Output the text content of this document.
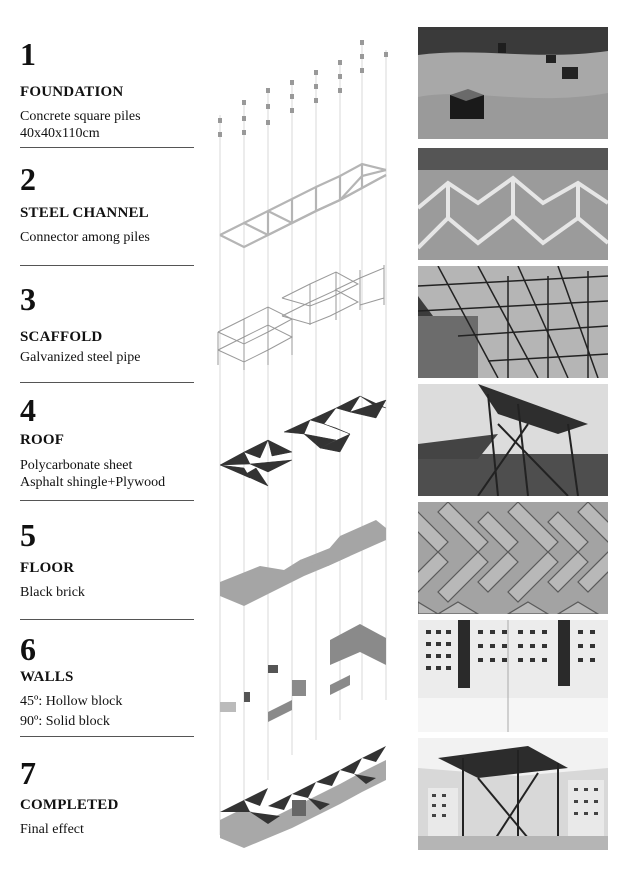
1
FOUNDATION
Concrete square piles
40x40x110cm
2
STEEL CHANNEL
Connector among piles
3
SCAFFOLD
Galvanized steel pipe
4
ROOF
Polycarbonate sheet
Asphalt shingle+Plywood
5
FLOOR
Black brick
6
WALLS
45º: Hollow block
90º: Solid block
7
COMPLETED
Final effect
